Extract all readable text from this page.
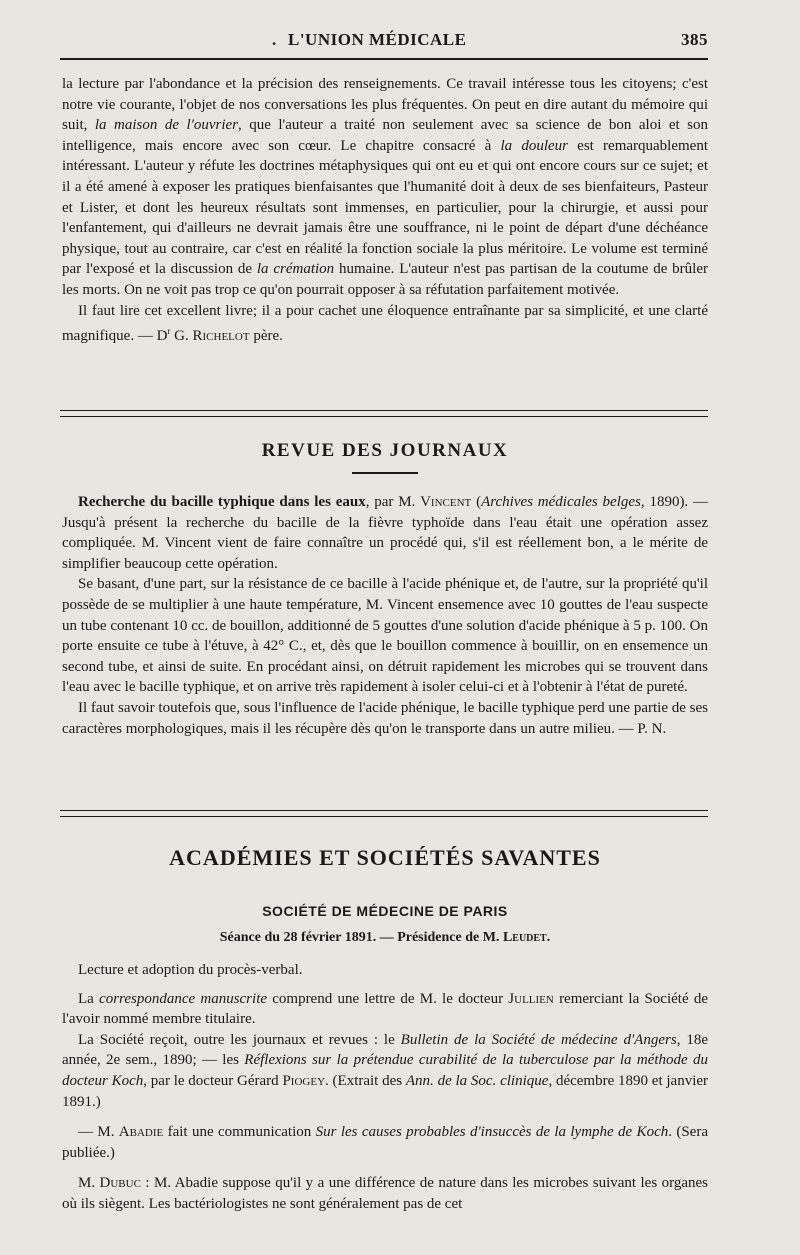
. L'UNION MÉDICALE	385

la lecture par l'abondance et la précision des renseignements. Ce travail intéresse tous les citoyens; c'est notre vie courante, l'objet de nos conversations les plus fréquentes. On peut en dire autant du mémoire qui suit, la maison de l'ouvrier, que l'auteur a traité non seulement avec sa science de bon aloi et son intelligence, mais encore avec son cœur. Le chapitre consacré à la douleur est remarquablement intéressant. L'auteur y réfute les doctrines métaphysiques qui ont eu et qui ont encore cours sur ce sujet; et il a été amené à exposer les pratiques bienfaisantes que l'humanité doit à deux de ses bienfaiteurs, Pasteur et Lister, et dont les heureux résultats sont immenses, en particulier, pour la chirurgie, et aussi pour l'enfantement, qui d'ailleurs ne devrait jamais être une souffrance, ni le point de départ d'une déchéance physique, tout au contraire, car c'est en réalité la fonction sociale la plus méritoire. Le volume est terminé par l'exposé et la discussion de la crémation humaine. L'auteur n'est pas partisan de la coutume de brûler les morts. On ne voit pas trop ce qu'on pourrait opposer à sa réfutation parfaitement motivée.

Il faut lire cet excellent livre; il a pour cachet une éloquence entraînante par sa simplicité, et une clarté magnifique. — $D^r$ G. Richelot père.

REVUE DES JOURNAUX

Recherche du bacille typhique dans les eaux, par M. Vincent (Archives médicales belges, 1890). — Jusqu'à présent la recherche du bacille de la fièvre typhoïde dans l'eau était une opération assez compliquée. M. Vincent vient de faire connaître un procédé qui, s'il est réellement bon, a le mérite de simplifier beaucoup cette opération.

Se basant, d'une part, sur la résistance de ce bacille à l'acide phénique et, de l'autre, sur la propriété qu'il possède de se multiplier à une haute température, M. Vincent ensemence avec 10 gouttes de l'eau suspecte un tube contenant 10 cc. de bouillon, additionné de 5 gouttes d'une solution d'acide phénique à 5 p. 100. On porte ensuite ce tube à l'étuve, à 42° C., et, dès que le bouillon commence à bouillir, on en ensemence un second tube, et ainsi de suite. En procédant ainsi, on détruit rapidement les microbes qui se trouvent dans l'eau avec le bacille typhique, et on arrive très rapidement à isoler celui-ci et à l'obtenir à l'état de pureté.

Il faut savoir toutefois que, sous l'influence de l'acide phénique, le bacille typhique perd une partie de ses caractères morphologiques, mais il les récupère dès qu'on le transporte dans un autre milieu. — P. N.

ACADÉMIES ET SOCIÉTÉS SAVANTES
SOCIÉTÉ DE MÉDECINE DE PARIS
Séance du 28 février 1891. — Présidence de M. Leudet.

Lecture et adoption du procès-verbal.

La correspondance manuscrite comprend une lettre de M. le docteur Jullien remerciant la Société de l'avoir nommé membre titulaire.

La Société reçoit, outre les journaux et revues : le Bulletin de la Société de médecine d'Angers, 18e année, 2e sem., 1890; — les Réflexions sur la prétendue curabilité de la tuberculose par la méthode du docteur Koch, par le docteur Gérard Piogey. (Extrait des Ann. de la Soc. clinique, décembre 1890 et janvier 1891.)

— M. Abadie fait une communication Sur les causes probables d'insuccès de la lymphe de Koch. (Sera publiée.)

M. Dubuc : M. Abadie suppose qu'il y a une différence de nature dans les microbes suivant les organes où ils siègent. Les bactériologistes ne sont généralement pas de cet
